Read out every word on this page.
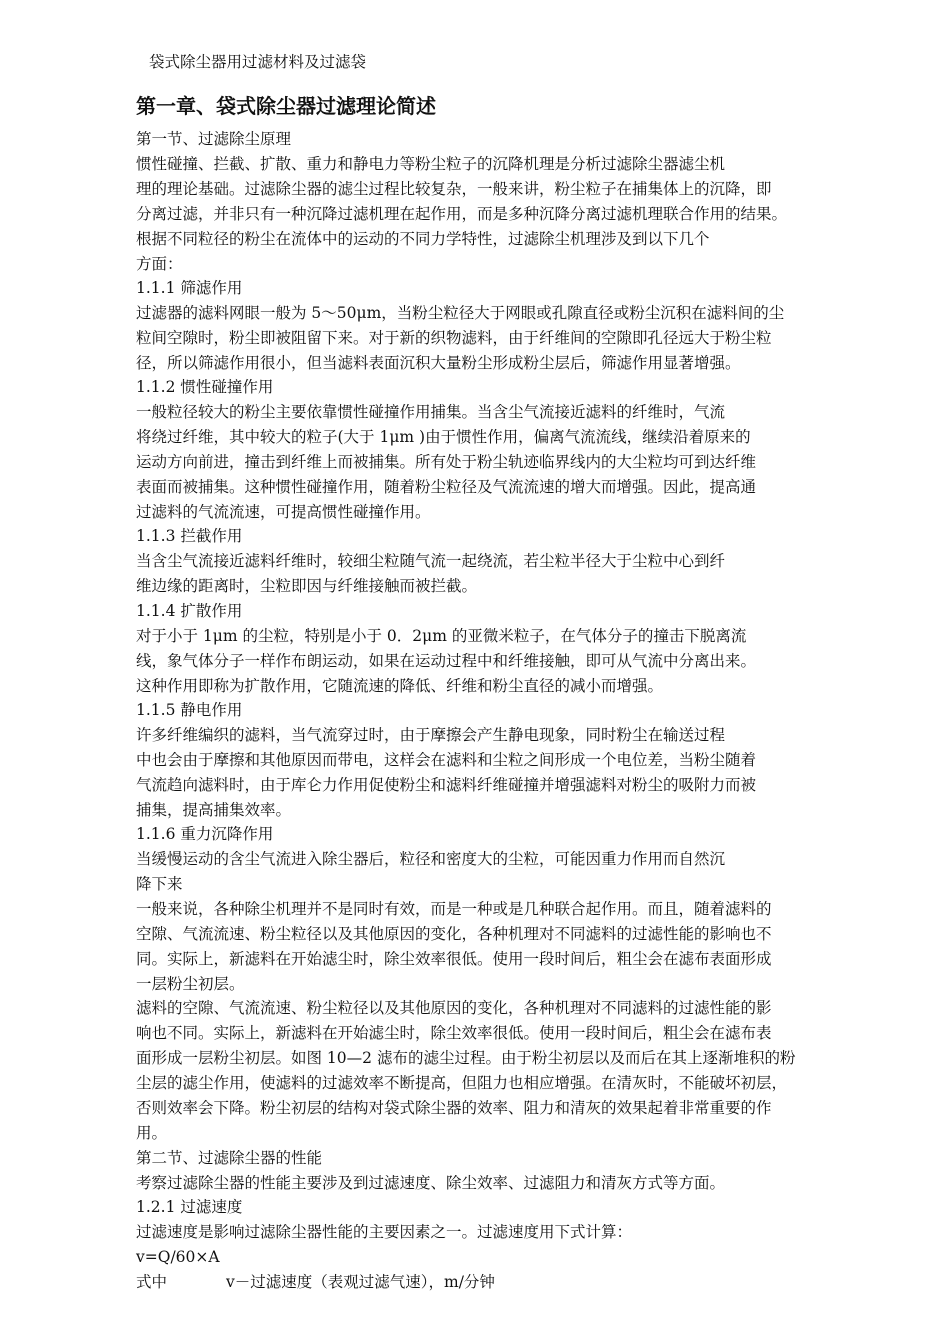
袋式除尘器用过滤材料及过滤袋
第一章、袋式除尘器过滤理论简述
第一节、过滤除尘原理
惯性碰撞、拦截、扩散、重力和静电力等粉尘粒子的沉降机理是分析过滤除尘器滤尘机
理的理论基础。过滤除尘器的滤尘过程比较复杂，一般来讲，粉尘粒子在捕集体上的沉降，即
分离过滤，并非只有一种沉降过滤机理在起作用，而是多种沉降分离过滤机理联合作用的结果。
根据不同粒径的粉尘在流体中的运动的不同力学特性，过滤除尘机理涉及到以下几个
方面：
1.1.1 筛滤作用
过滤器的滤料网眼一般为 5～50μm，当粉尘粒径大于网眼或孔隙直径或粉尘沉积在滤料间的尘
粒间空隙时，粉尘即被阻留下来。对于新的织物滤料，由于纤维间的空隙即孔径远大于粉尘粒
径，所以筛滤作用很小，但当滤料表面沉积大量粉尘形成粉尘层后，筛滤作用显著增强。
1.1.2 惯性碰撞作用
一般粒径较大的粉尘主要依靠惯性碰撞作用捕集。当含尘气流接近滤料的纤维时，气流
将绕过纤维，其中较大的粒子(大于 1μm )由于惯性作用，偏离气流流线，继续沿着原来的
运动方向前进，撞击到纤维上而被捕集。所有处于粉尘轨迹临界线内的大尘粒均可到达纤维
表面而被捕集。这种惯性碰撞作用，随着粉尘粒径及气流流速的增大而增强。因此，提高通
过滤料的气流流速，可提高惯性碰撞作用。
1.1.3 拦截作用
当含尘气流接近滤料纤维时，较细尘粒随气流一起绕流，若尘粒半径大于尘粒中心到纤
维边缘的距离时，尘粒即因与纤维接触而被拦截。
1.1.4 扩散作用
对于小于 1μm 的尘粒，特别是小于 0．2μm 的亚微米粒子，在气体分子的撞击下脱离流
线，象气体分子一样作布朗运动，如果在运动过程中和纤维接触，即可从气流中分离出来。
这种作用即称为扩散作用，它随流速的降低、纤维和粉尘直径的减小而增强。
1.1.5 静电作用
许多纤维编织的滤料，当气流穿过时，由于摩擦会产生静电现象，同时粉尘在输送过程
中也会由于摩擦和其他原因而带电，这样会在滤料和尘粒之间形成一个电位差，当粉尘随着
气流趋向滤料时，由于库仑力作用促使粉尘和滤料纤维碰撞并增强滤料对粉尘的吸附力而被
捕集，提高捕集效率。
1.1.6 重力沉降作用
当缓慢运动的含尘气流进入除尘器后，粒径和密度大的尘粒，可能因重力作用而自然沉
降下来
一般来说，各种除尘机理并不是同时有效，而是一种或是几种联合起作用。而且，随着滤料的
空隙、气流流速、粉尘粒径以及其他原因的变化，各种机理对不同滤料的过滤性能的影响也不
同。实际上，新滤料在开始滤尘时，除尘效率很低。使用一段时间后，粗尘会在滤布表面形成
一层粉尘初层。
滤料的空隙、气流流速、粉尘粒径以及其他原因的变化，各种机理对不同滤料的过滤性能的影
响也不同。实际上，新滤料在开始滤尘时，除尘效率很低。使用一段时间后，粗尘会在滤布表
面形成一层粉尘初层。如图 10—2 滤布的滤尘过程。由于粉尘初层以及而后在其上逐渐堆积的粉
尘层的滤尘作用，使滤料的过滤效率不断提高，但阻力也相应增强。在清灰时，不能破坏初层，
否则效率会下降。粉尘初层的结构对袋式除尘器的效率、阻力和清灰的效果起着非常重要的作
用。
第二节、过滤除尘器的性能
考察过滤除尘器的性能主要涉及到过滤速度、除尘效率、过滤阻力和清灰方式等方面。
1.2.1 过滤速度
过滤速度是影响过滤除尘器性能的主要因素之一。过滤速度用下式计算：
v=Q/60×A
式中	v－过滤速度（表观过滤气速），m/分钟
